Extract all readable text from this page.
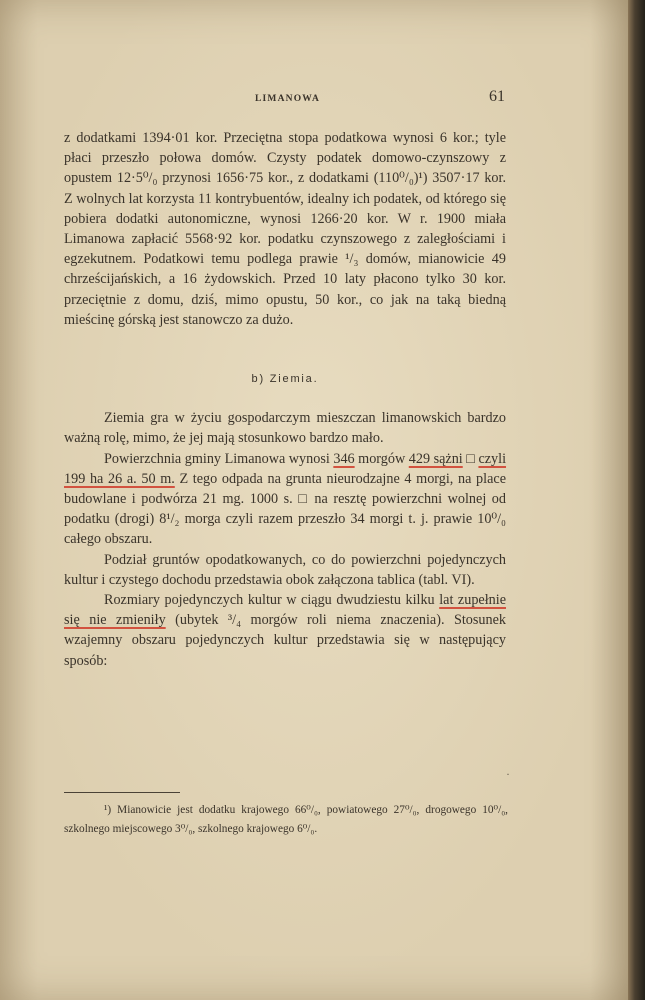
LIMANOWA	61

z dodatkami 1394·01 kor. Przeciętna stopa podatkowa wynosi 6 kor.; tyle płaci przeszło połowa domów. Czysty podatek domowo-czynszowy z opustem 12·5⁰/₀ przynosi 1656·75 kor., z dodatkami (110⁰/₀)¹) 3507·17 kor. Z wolnych lat korzysta 11 kontrybuentów, idealny ich podatek, od którego się pobiera dodatki autonomiczne, wynosi 1266·20 kor. W r. 1900 miała Limanowa zapłacić 5568·92 kor. podatku czynszowego z zaległościami i egzekutnem. Podatkowi temu podlega prawie ¹/₃ domów, mianowicie 49 chrześcijańskich, a 16 żydowskich. Przed 10 laty płacono tylko 30 kor. przeciętnie z domu, dziś, mimo opustu, 50 kor., co jak na taką biedną mieścinę górską jest stanowczo za dużo.

b) Ziemia.

Ziemia gra w życiu gospodarczym mieszczan limanowskich bardzo ważną rolę, mimo, że jej mają stosunkowo bardzo mało.

Powierzchnia gminy Limanowa wynosi 346 morgów 429 sążni □ czyli 199 ha 26 a. 50 m. Z tego odpada na grunta nieurodzajne 4 morgi, na place budowlane i podwórza 21 mg. 1000 s. □ na resztę powierzchni wolnej od podatku (drogi) 8¹/₂ morga czyli razem przeszło 34 morgi t. j. prawie 10⁰/₀ całego obszaru.

Podział gruntów opodatkowanych, co do powierzchni pojedynczych kultur i czystego dochodu przedstawia obok załączona tablica (tabl. VI).

Rozmiary pojedynczych kultur w ciągu dwudziestu kilku lat zupełnie się nie zmieniły (ubytek ³/₄ morgów roli niema znaczenia). Stosunek wzajemny obszaru pojedynczych kultur przedstawia się w następujący sposób:

·

¹) Mianowicie jest dodatku krajowego 66⁰/₀, powiatowego 27⁰/₀, drogowego 10⁰/₀, szkolnego miejscowego 3⁰/₀, szkolnego krajowego 6⁰/₀.
